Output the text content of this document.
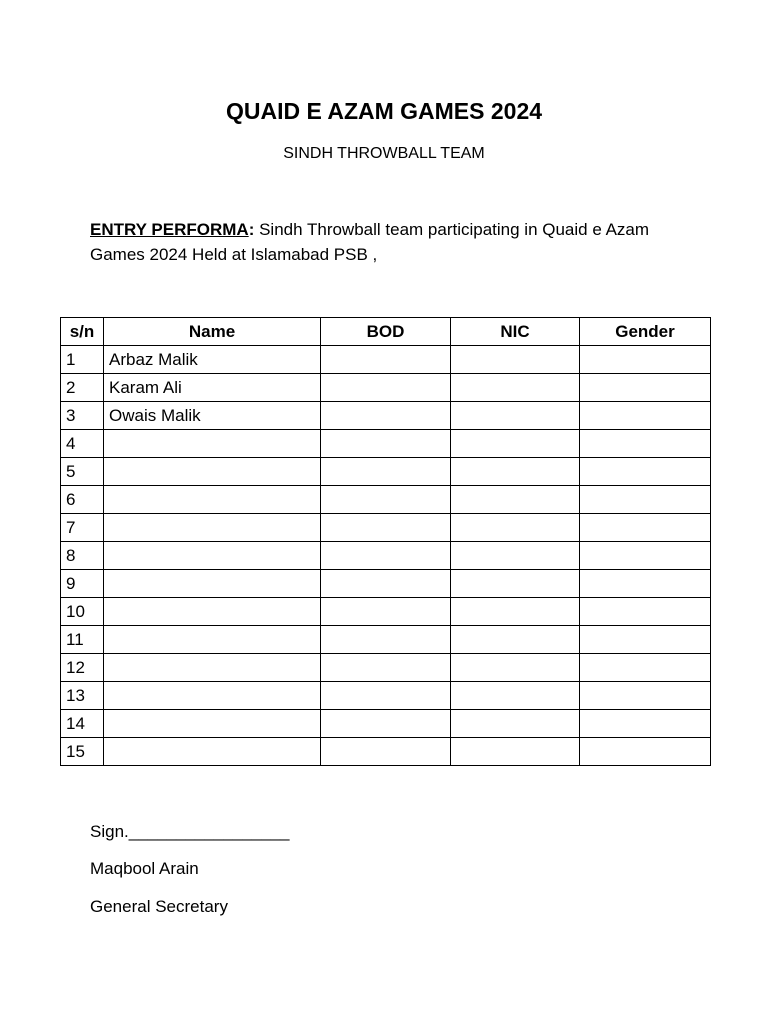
QUAID E AZAM GAMES 2024
SINDH THROWBALL TEAM
ENTRY PERFORMA: Sindh Throwball team participating in Quaid e Azam Games 2024 Held at Islamabad PSB ,
s/n	Name	BOD	NIC	Gender
1	Arbaz Malik			
2	Karam Ali			
3	Owais Malik			
4				
5				
6				
7				
8				
9				
10				
11				
12				
13				
14				
15				
Sign._________________
Maqbool Arain
General Secretary
